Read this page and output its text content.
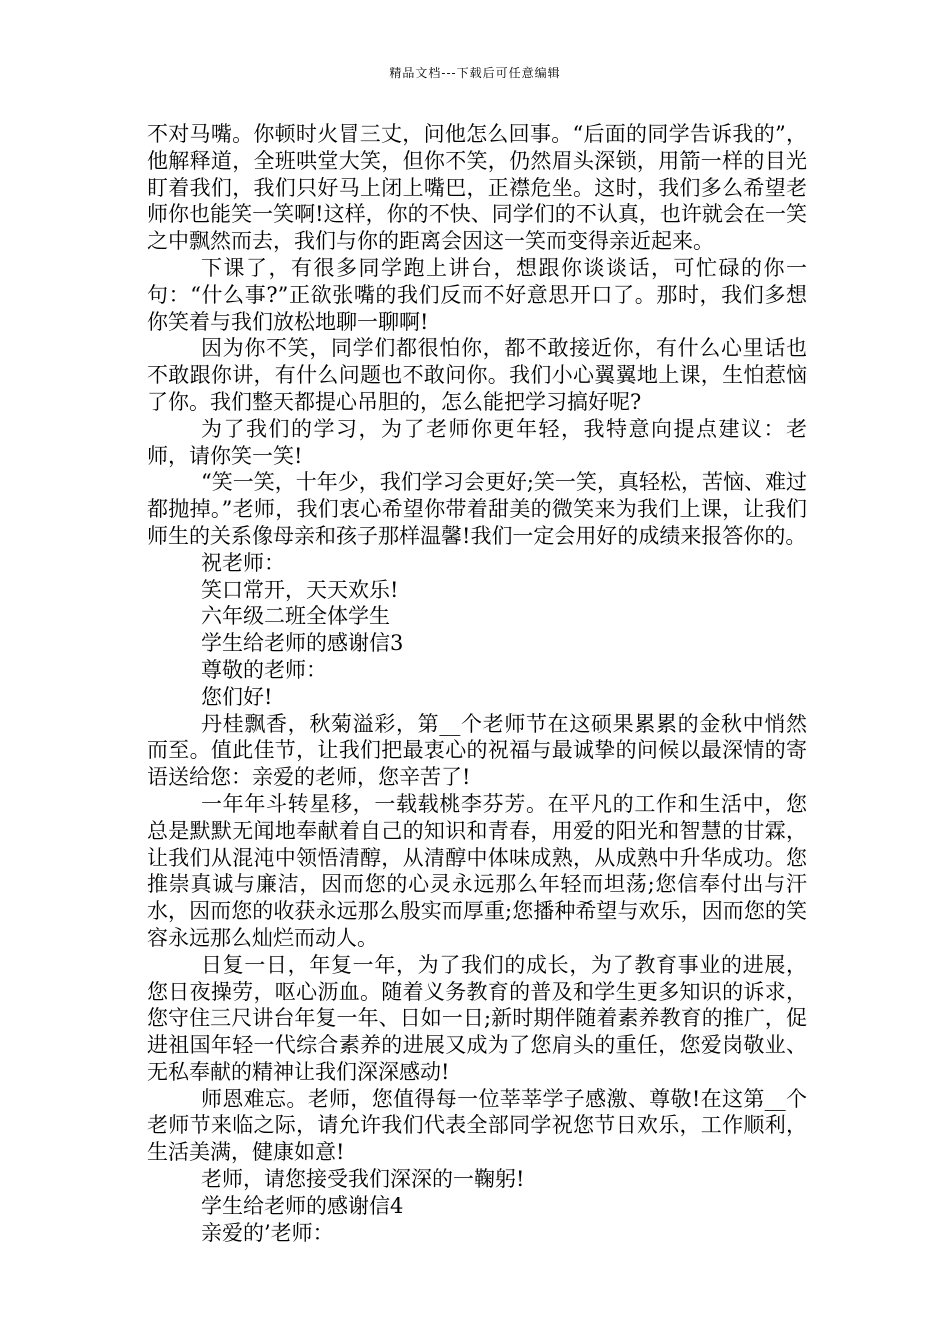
精品文档---下载后可任意编辑

不对马嘴。你顿时火冒三丈，问他怎么回事。“后面的同学告诉我的”，他解释道，全班哄堂大笑，但你不笑，仍然眉头深锁，用箭一样的目光盯着我们，我们只好马上闭上嘴巴，正襟危坐。这时，我们多么希望老师你也能笑一笑啊!这样，你的不快、同学们的不认真，也许就会在一笑之中飘然而去，我们与你的距离会因这一笑而变得亲近起来。

下课了，有很多同学跑上讲台，想跟你谈谈话，可忙碌的你一句：“什么事?”正欲张嘴的我们反而不好意思开口了。那时，我们多想你笑着与我们放松地聊一聊啊!

因为你不笑，同学们都很怕你，都不敢接近你，有什么心里话也不敢跟你讲，有什么问题也不敢问你。我们小心翼翼地上课，生怕惹恼了你。我们整天都提心吊胆的，怎么能把学习搞好呢?

为了我们的学习，为了老师你更年轻，我特意向提点建议：老师，请你笑一笑!

“笑一笑，十年少，我们学习会更好;笑一笑，真轻松，苦恼、难过都抛掉。”老师，我们衷心希望你带着甜美的微笑来为我们上课，让我们师生的关系像母亲和孩子那样温馨!我们一定会用好的成绩来报答你的。

祝老师：

笑口常开，天天欢乐!

六年级二班全体学生

学生给老师的感谢信3

尊敬的老师：

您们好!

丹桂飘香，秋菊溢彩，第__个老师节在这硕果累累的金秋中悄然而至。值此佳节，让我们把最衷心的祝福与最诚挚的问候以最深情的寄语送给您：亲爱的老师，您辛苦了!

一年年斗转星移，一载载桃李芬芳。在平凡的工作和生活中，您总是默默无闻地奉献着自己的知识和青春，用爱的阳光和智慧的甘霖，让我们从混沌中领悟清醇，从清醇中体味成熟，从成熟中升华成功。您推崇真诚与廉洁，因而您的心灵永远那么年轻而坦荡;您信奉付出与汗水，因而您的收获永远那么殷实而厚重;您播种希望与欢乐，因而您的笑容永远那么灿烂而动人。

日复一日，年复一年，为了我们的成长，为了教育事业的进展，您日夜操劳，呕心沥血。随着义务教育的普及和学生更多知识的诉求，您守住三尺讲台年复一年、日如一日;新时期伴随着素养教育的推广，促进祖国年轻一代综合素养的进展又成为了您肩头的重任，您爱岗敬业、无私奉献的精神让我们深深感动!

师恩难忘。老师，您值得每一位莘莘学子感激、尊敬!在这第__个老师节来临之际，请允许我们代表全部同学祝您节日欢乐，工作顺利，生活美满，健康如意!

老师，请您接受我们深深的一鞠躬!

学生给老师的感谢信4

亲爱的’老师：
